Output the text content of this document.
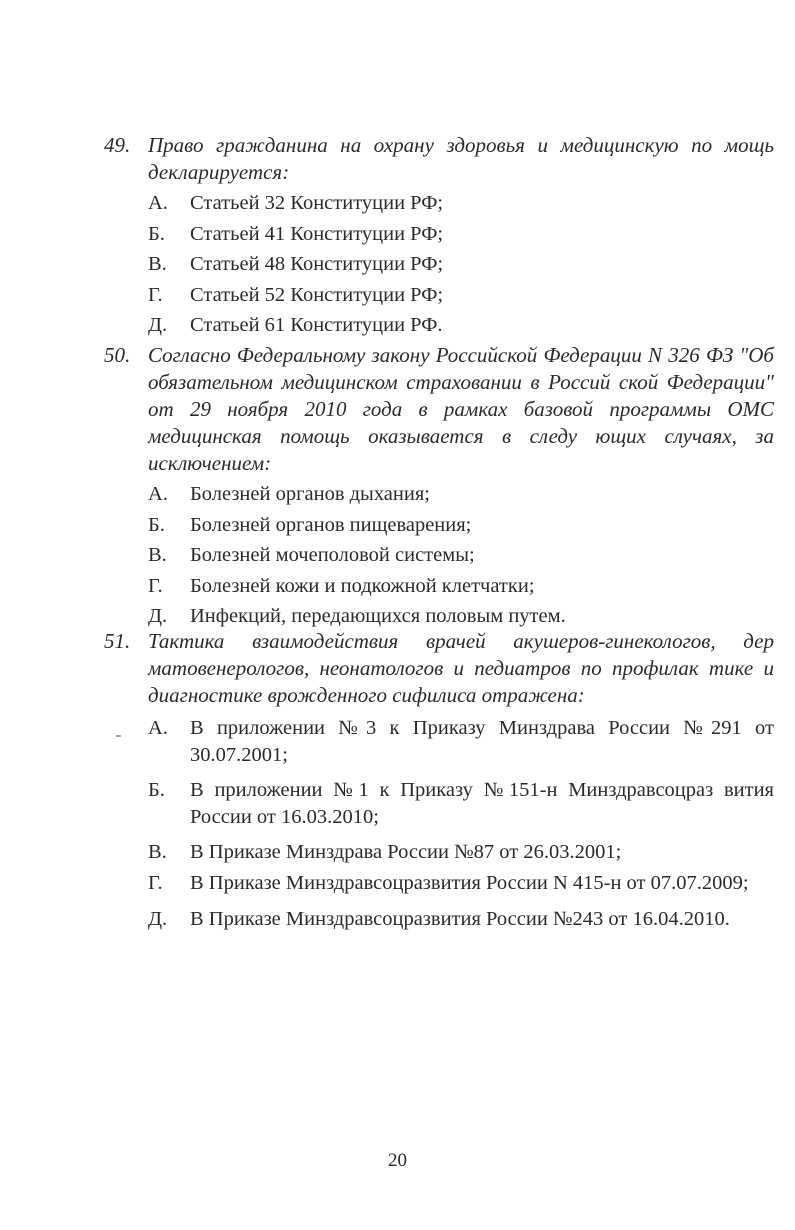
49. Право гражданина на охрану здоровья и медицинскую по мощь декларируется:
А.	Статьей 32 Конституции РФ;
Б.	Статьей 41 Конституции РФ;
В.	Статьей 48 Конституции РФ;
Г.	Статьей 52 Конституции РФ;
Д.	Статьей 61 Конституции РФ.
50. Согласно Федеральному закону Российской Федерации N 326 ФЗ "Об обязательном медицинском страховании в Россий ской Федерации" от 29 ноября 2010 года в рамках базовой программы ОМС медицинская помощь оказывается в следу ющих случаях, за исключением:
А.	Болезней органов дыхания;
Б.	Болезней органов пищеварения;
В.	Болезней мочеполовой системы;
Г.	Болезней кожи и подкожной клетчатки;
Д.	Инфекций, передающихся половым путем.
51. Тактика взаимодействия врачей акушеров-гинекологов, дер матовенерологов, неонатологов и педиатров по профилак тике и диагностике врожденного сифилиса отражена:
А.	В приложении №3 к Приказу Минздрава России №291 от 30.07.2001;
Б.	В приложении №1 к Приказу №151-н Минздравсоцраз вития России от 16.03.2010;
В.	В Приказе Минздрава России №87 от 26.03.2001;
Г.	В Приказе Минздравсоцразвития России N 415-н от 07.07.2009;
Д.	В Приказе Минздравсоцразвития России №243 от 16.04.2010.
20
